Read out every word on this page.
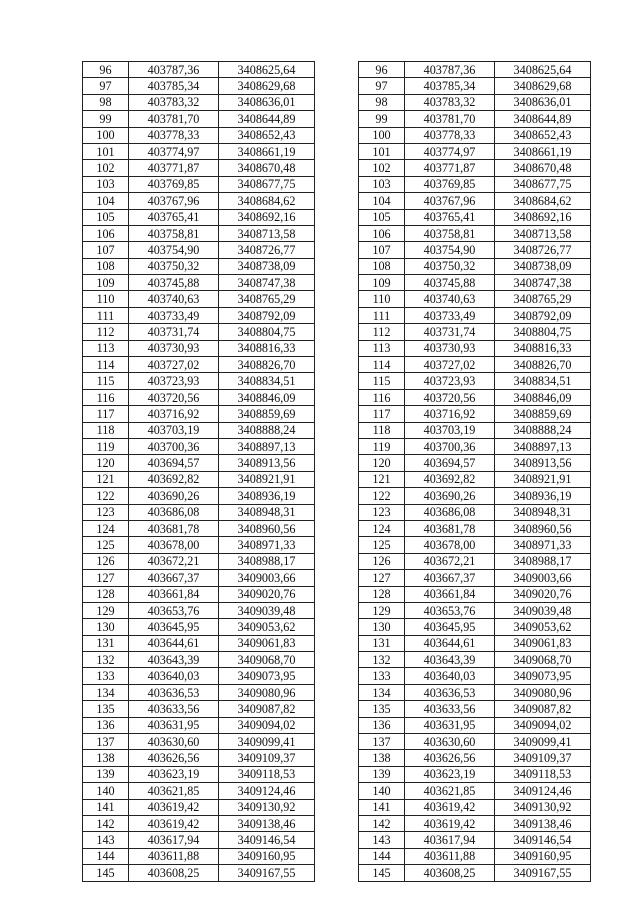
96	403787,36	3408625,64
97	403785,34	3408629,68
98	403783,32	3408636,01
99	403781,70	3408644,89
100	403778,33	3408652,43
101	403774,97	3408661,19
102	403771,87	3408670,48
103	403769,85	3408677,75
104	403767,96	3408684,62
105	403765,41	3408692,16
106	403758,81	3408713,58
107	403754,90	3408726,77
108	403750,32	3408738,09
109	403745,88	3408747,38
110	403740,63	3408765,29
111	403733,49	3408792,09
112	403731,74	3408804,75
113	403730,93	3408816,33
114	403727,02	3408826,70
115	403723,93	3408834,51
116	403720,56	3408846,09
117	403716,92	3408859,69
118	403703,19	3408888,24
119	403700,36	3408897,13
120	403694,57	3408913,56
121	403692,82	3408921,91
122	403690,26	3408936,19
123	403686,08	3408948,31
124	403681,78	3408960,56
125	403678,00	3408971,33
126	403672,21	3408988,17
127	403667,37	3409003,66
128	403661,84	3409020,76
129	403653,76	3409039,48
130	403645,95	3409053,62
131	403644,61	3409061,83
132	403643,39	3409068,70
133	403640,03	3409073,95
134	403636,53	3409080,96
135	403633,56	3409087,82
136	403631,95	3409094,02
137	403630,60	3409099,41
138	403626,56	3409109,37
139	403623,19	3409118,53
140	403621,85	3409124,46
141	403619,42	3409130,92
142	403619,42	3409138,46
143	403617,94	3409146,54
144	403611,88	3409160,95
145	403608,25	3409167,55
96	403787,36	3408625,64
97	403785,34	3408629,68
98	403783,32	3408636,01
99	403781,70	3408644,89
100	403778,33	3408652,43
101	403774,97	3408661,19
102	403771,87	3408670,48
103	403769,85	3408677,75
104	403767,96	3408684,62
105	403765,41	3408692,16
106	403758,81	3408713,58
107	403754,90	3408726,77
108	403750,32	3408738,09
109	403745,88	3408747,38
110	403740,63	3408765,29
111	403733,49	3408792,09
112	403731,74	3408804,75
113	403730,93	3408816,33
114	403727,02	3408826,70
115	403723,93	3408834,51
116	403720,56	3408846,09
117	403716,92	3408859,69
118	403703,19	3408888,24
119	403700,36	3408897,13
120	403694,57	3408913,56
121	403692,82	3408921,91
122	403690,26	3408936,19
123	403686,08	3408948,31
124	403681,78	3408960,56
125	403678,00	3408971,33
126	403672,21	3408988,17
127	403667,37	3409003,66
128	403661,84	3409020,76
129	403653,76	3409039,48
130	403645,95	3409053,62
131	403644,61	3409061,83
132	403643,39	3409068,70
133	403640,03	3409073,95
134	403636,53	3409080,96
135	403633,56	3409087,82
136	403631,95	3409094,02
137	403630,60	3409099,41
138	403626,56	3409109,37
139	403623,19	3409118,53
140	403621,85	3409124,46
141	403619,42	3409130,92
142	403619,42	3409138,46
143	403617,94	3409146,54
144	403611,88	3409160,95
145	403608,25	3409167,55
